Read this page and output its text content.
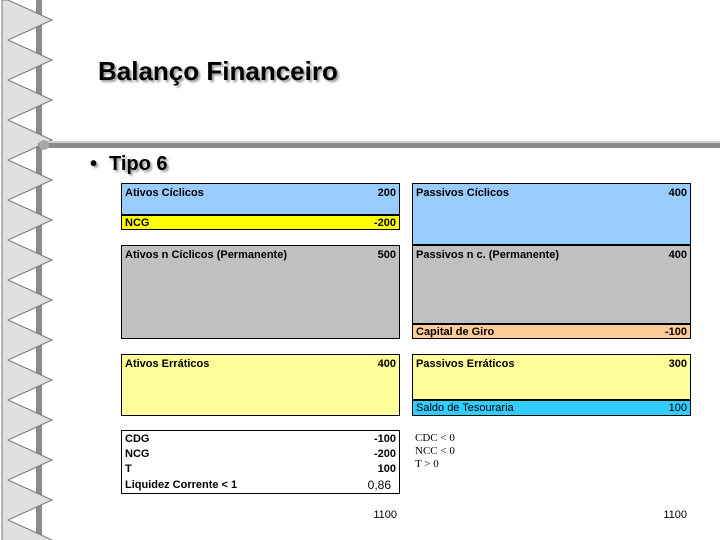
Balanço Financeiro
• Tipo 6
Ativos Cíclicos	200
NCG	-200
Ativos n Cíclicos (Permanente)	500
Ativos Erráticos	400
CDG	-100
NCG	-200
T	100
Liquidez Corrente < 1	0,86
1100
Passivos Cíclicos	400
Passivos n c. (Permanente)	400
Capital de Giro	-100
Passivos Erráticos	300
Saldo de Tesouraria	100
CDC < 0
NCC < 0
T > 0
1100
